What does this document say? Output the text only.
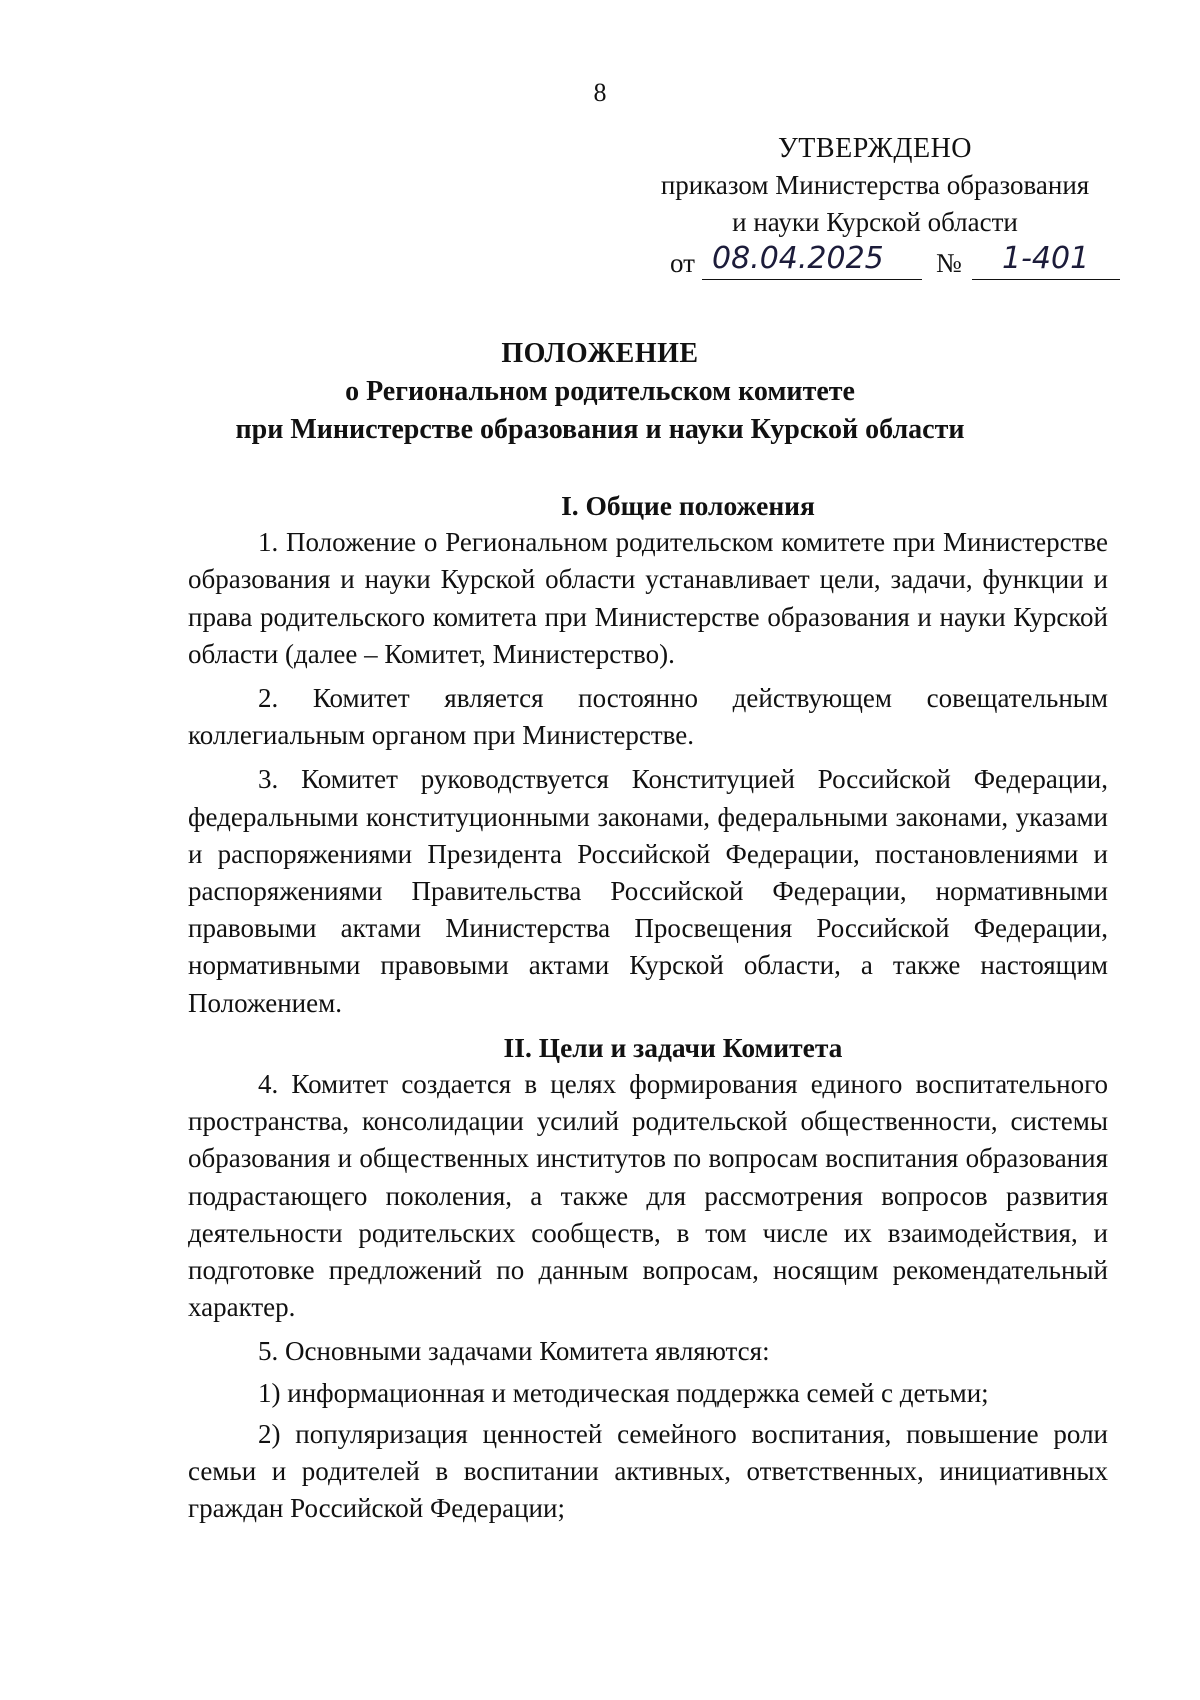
8
УТВЕРЖДЕНО
приказом Министерства образования
и науки Курской области
от 08.04.2025	№	1-401
ПОЛОЖЕНИЕ
о Региональном родительском комитете
при Министерстве образования и науки Курской области
I. Общие положения

1. Положение о Региональном родительском комитете при Министерстве образования и науки Курской области устанавливает цели, задачи, функции и права родительского комитета при Министерстве образования и науки Курской области (далее – Комитет, Министерство).

2. Комитет является постоянно действующем совещательным коллегиальным органом при Министерстве.

3. Комитет руководствуется Конституцией Российской Федерации, федеральными конституционными законами, федеральными законами, указами и распоряжениями Президента Российской Федерации, постановлениями и распоряжениями Правительства Российской Федерации, нормативными правовыми актами Министерства Просвещения Российской Федерации, нормативными правовыми актами Курской области, а также настоящим Положением.

II. Цели и задачи Комитета

4. Комитет создается в целях формирования единого воспитательного пространства, консолидации усилий родительской общественности, системы образования и общественных институтов по вопросам воспитания образования подрастающего поколения, а также для рассмотрения вопросов развития деятельности родительских сообществ, в том числе их взаимодействия, и подготовке предложений по данным вопросам, носящим рекомендательный характер.

5. Основными задачами Комитета являются:

1) информационная и методическая поддержка семей с детьми;

2) популяризация ценностей семейного воспитания, повышение роли семьи и родителей в воспитании активных, ответственных, инициативных граждан Российской Федерации;
